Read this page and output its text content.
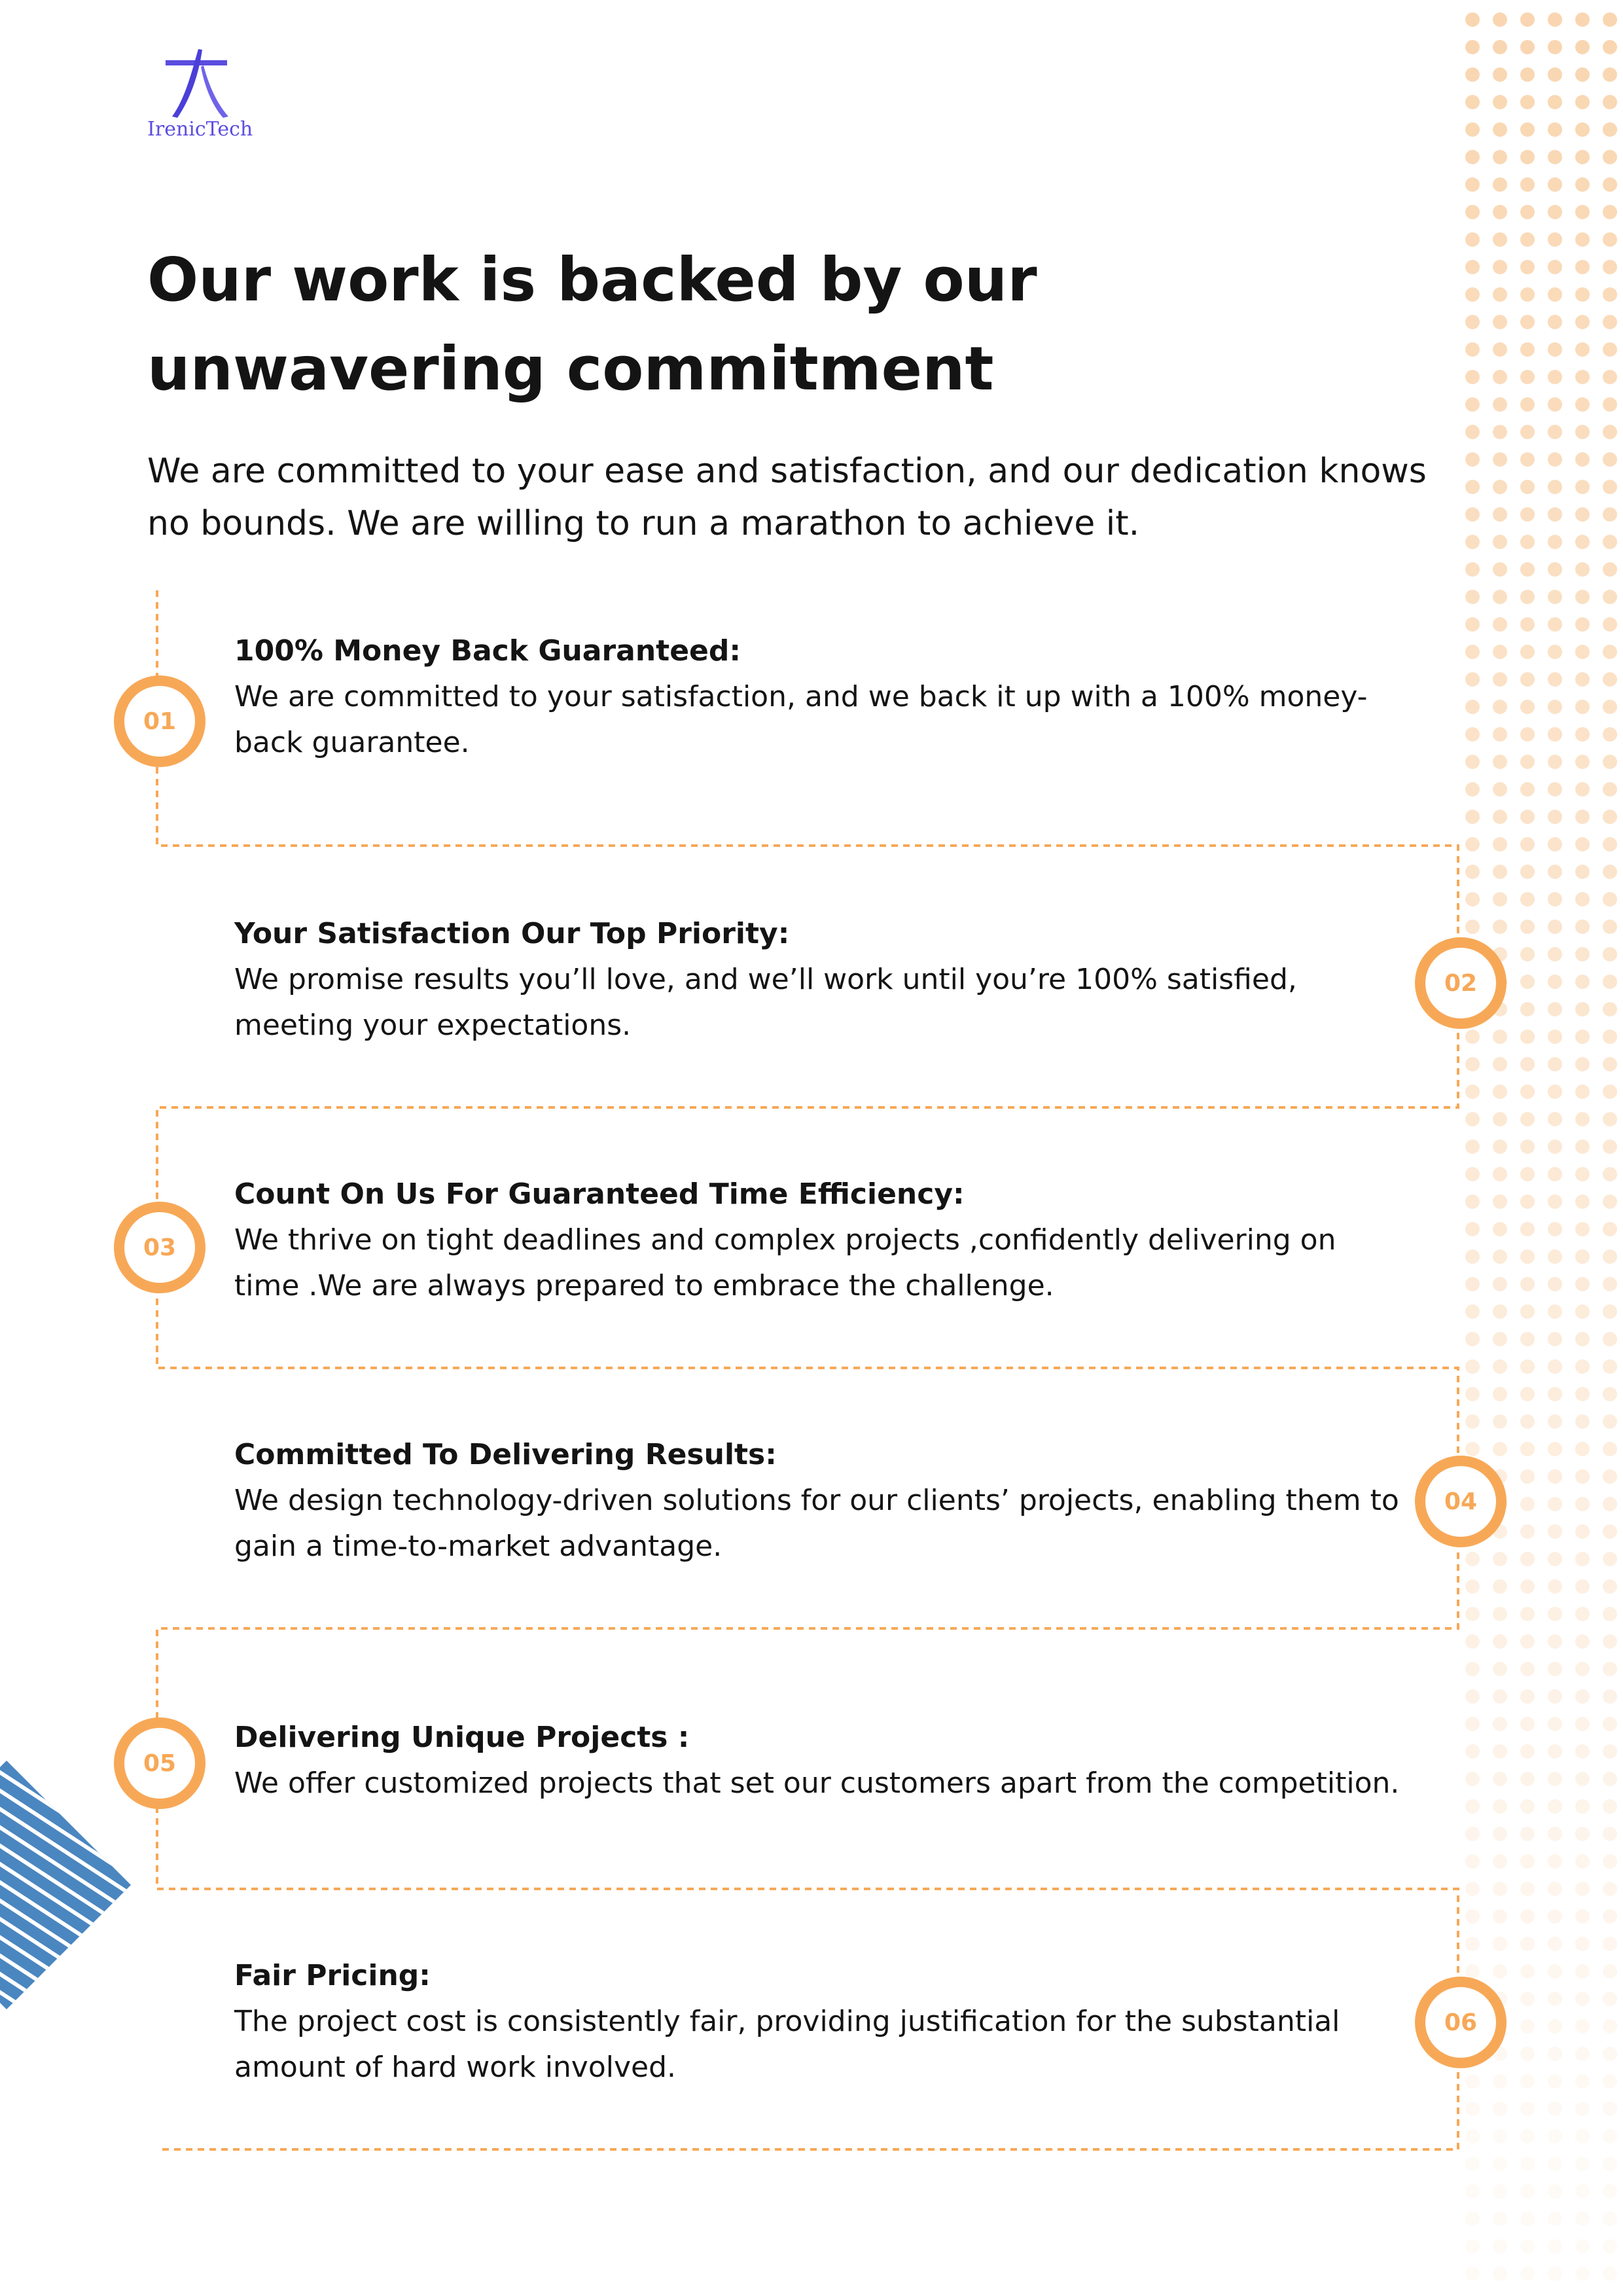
IrenicTech
Our work is backed by our unwavering commitment

We are committed to your ease and satisfaction, and our dedication knows no bounds. We are willing to run a marathon to achieve it.

01
02
03
04
05
06

100% Money Back Guaranteed:

We are committed to your satisfaction, and we back it up with a 100% money-back guarantee.

Your Satisfaction Our Top Priority:

We promise results you’ll love, and we’ll work until you’re 100% satisfied, meeting your expectations.

Count On Us For Guaranteed Time Efficiency:

We thrive on tight deadlines and complex projects ,confidently delivering on time .We are always prepared to embrace the challenge.

Committed To Delivering Results:

We design technology-driven solutions for our clients’ projects, enabling them to gain a time-to-market advantage.

Delivering Unique Projects :

We offer customized projects that set our customers apart from the competition.

Fair Pricing:

The project cost is consistently fair, providing justification for the substantial amount of hard work involved.
